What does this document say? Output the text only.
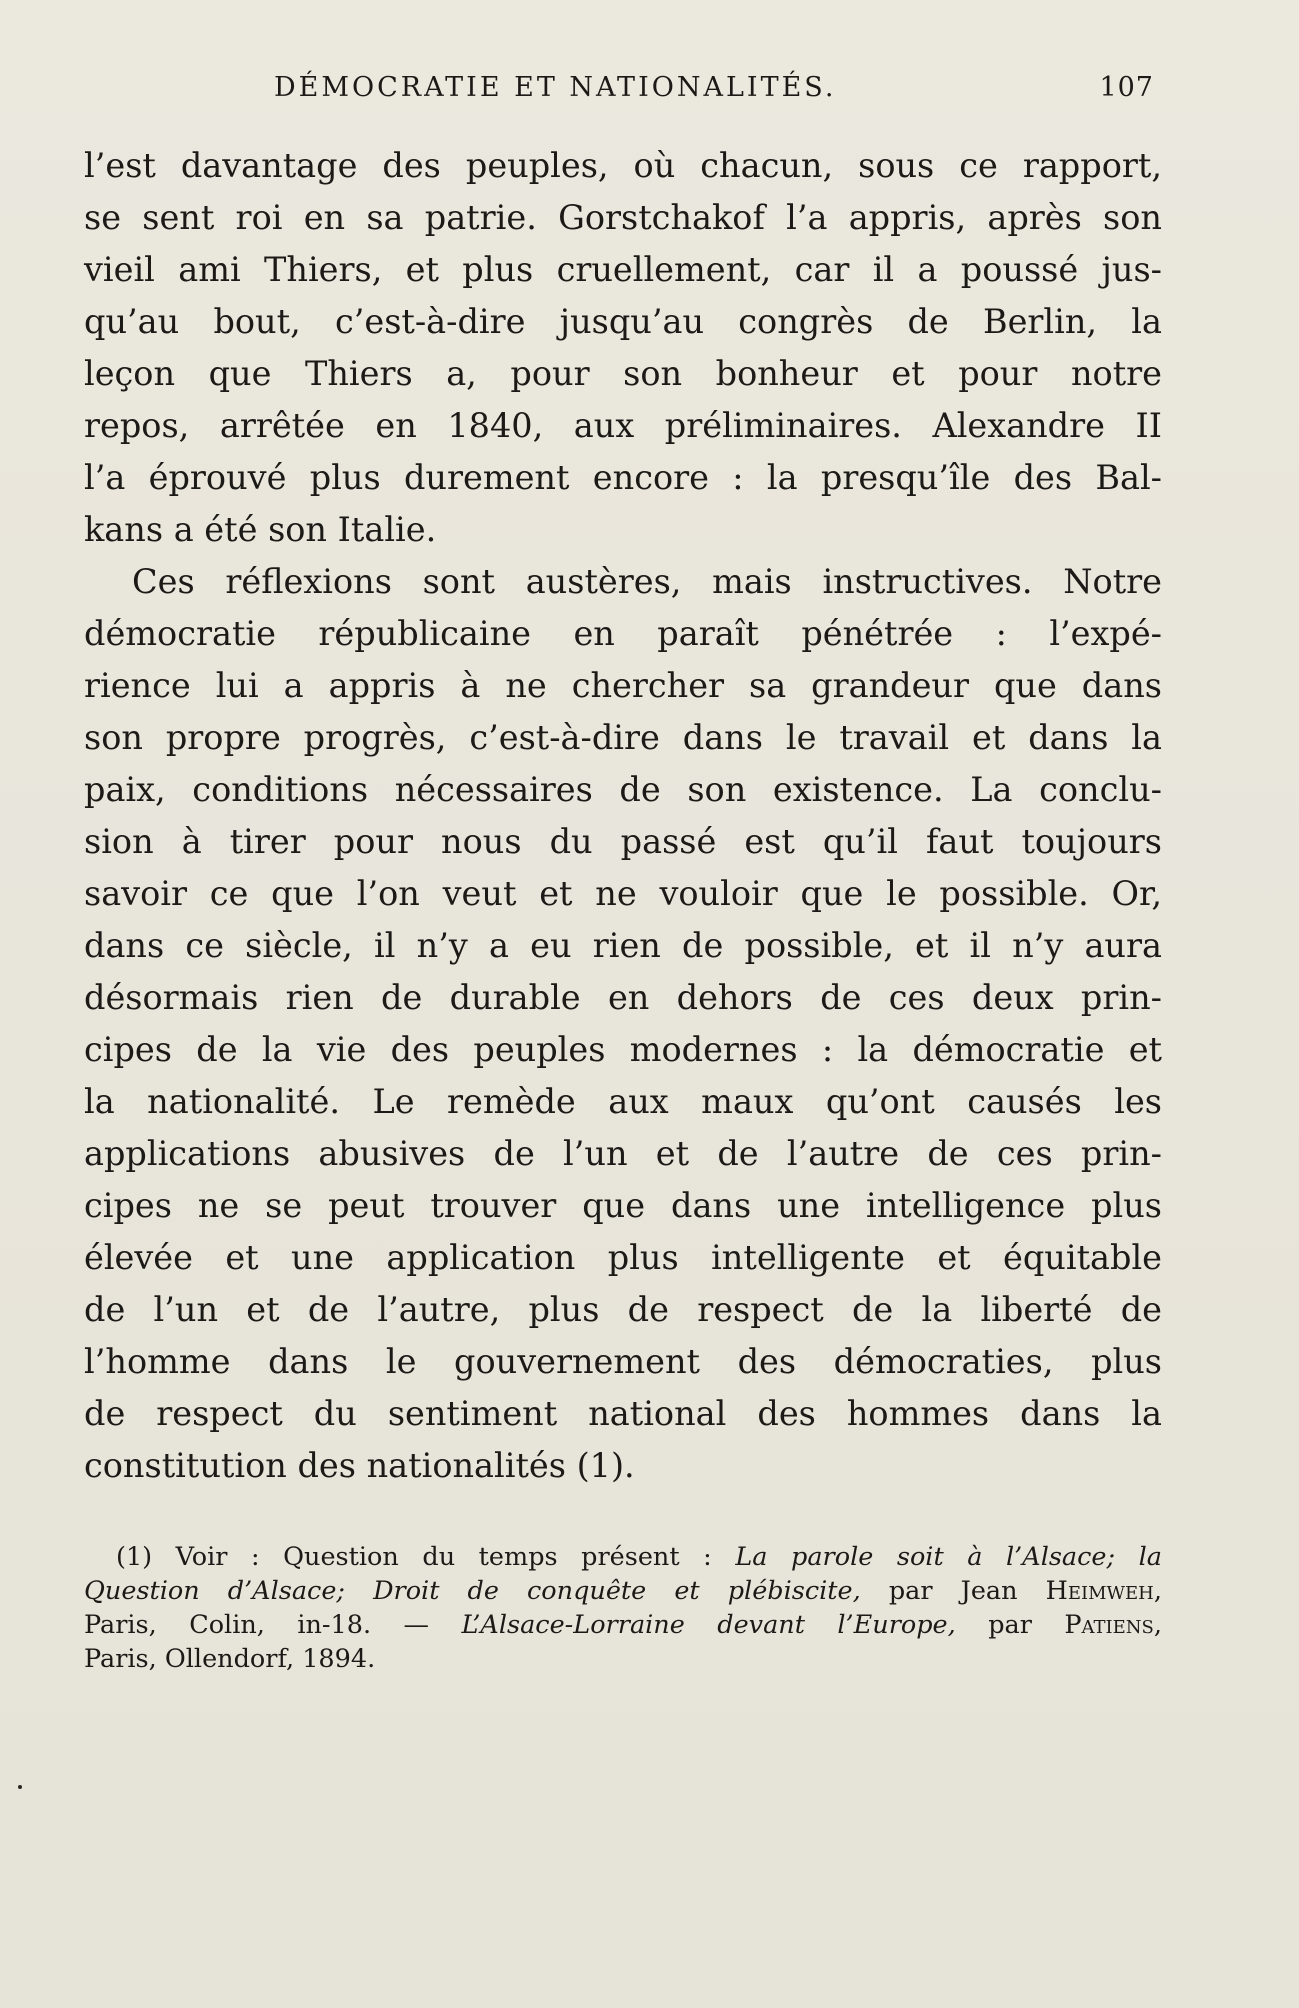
DÉMOCRATIE ET NATIONALITÉS.	107
l’est davantage des peuples, où chacun, sous ce rapport,
se sent roi en sa patrie. Gorstchakof l’a appris, après son
vieil ami Thiers, et plus cruellement, car il a poussé jus-
qu’au bout, c’est-à-dire jusqu’au congrès de Berlin, la
leçon que Thiers a, pour son bonheur et pour notre
repos, arrêtée en 1840, aux préliminaires. Alexandre II
l’a éprouvé plus durement encore : la presqu’île des Bal-
kans a été son Italie.
Ces réflexions sont austères, mais instructives. Notre
démocratie républicaine en paraît pénétrée : l’expé-
rience lui a appris à ne chercher sa grandeur que dans
son propre progrès, c’est-à-dire dans le travail et dans la
paix, conditions nécessaires de son existence. La conclu-
sion à tirer pour nous du passé est qu’il faut toujours
savoir ce que l’on veut et ne vouloir que le possible. Or,
dans ce siècle, il n’y a eu rien de possible, et il n’y aura
désormais rien de durable en dehors de ces deux prin-
cipes de la vie des peuples modernes : la démocratie et
la nationalité. Le remède aux maux qu’ont causés les
applications abusives de l’un et de l’autre de ces prin-
cipes ne se peut trouver que dans une intelligence plus
élevée et une application plus intelligente et équitable
de l’un et de l’autre, plus de respect de la liberté de
l’homme dans le gouvernement des démocraties, plus
de respect du sentiment national des hommes dans la
constitution des nationalités (1).
(1) Voir : Question du temps présent : La parole soit à l’Alsace; la
Question d’Alsace; Droit de conquête et plébiscite, par Jean Heimweh,
Paris, Colin, in-18. — L’Alsace-Lorraine devant l’Europe, par Patiens,
Paris, Ollendorf, 1894.
